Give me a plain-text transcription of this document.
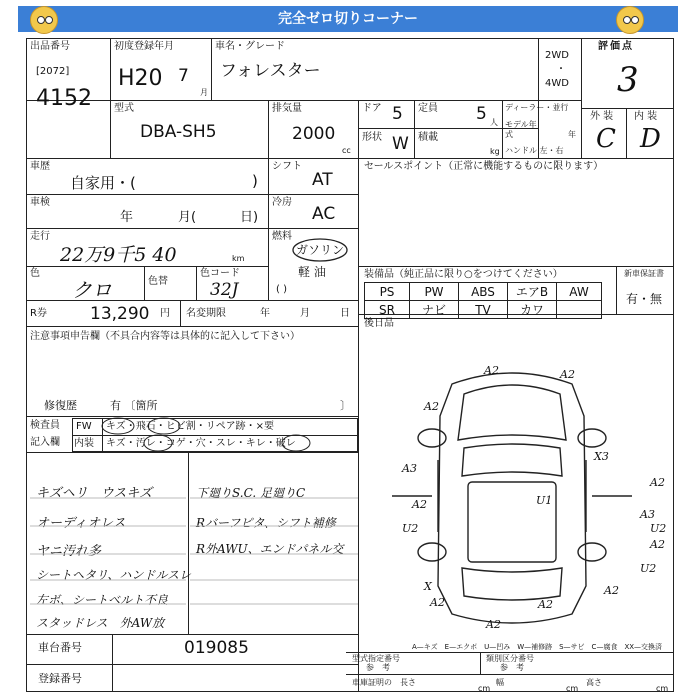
完全ゼロ切りコーナー
出品番号
[2072]
4152
初度登録年月
H20 7
月
車名・グレード
フォレスター
2WD
・
4WD
評価点
3
外 装 内 装
C D
型式
DBA-SH5
排気量
2000
cc
ドア 5 定員 5 人
形状 W 積載
kg
ディーラー・並行
モデル年式	年
ハンドル 左・右
車歴
自家用・(	)
シフト
AT
セールスポイント（正常に機能するものに限ります）
車検
年	月(	日)
冷房
AC
走行
22万9千5 40	km
燃料
ガソリン
軽 油
( )
色
クロ	色替
色コード
32J
R券	13,290 円 名変期限	年	月	日
装備品（純正品に限り○をつけてください）
PS	PW	ABS	エアB	AW
SR	ナビ	TV	カワ	
新車保証書
有・無
後日品
注意事項申告欄（不具合内容等は具体的に記入して下さい）
修復歴	有 〔箇所	〕
検査員
記入欄
FW キズ・飛石・ヒビ割・リペア跡・×要
内装 キズ・汚レ・コゲ・穴・スレ・キレ・破レ
キズヘリ　ウスキズ
オーディオレス
ヤニ汚れ多
シートヘタリ、ハンドルスレ
左ボ、シートベルト不良
スタッドレス　外AW放
下廻りS.C. 足廻りC
Rバーフピタ、シフト補修
R外AWU、エンドパネル交
車台番号	019085
登録番号
A2	A2
A2
A3
U2	U2
A2
X3
A2
X
A2
A2
A2
U1
A3
U2
A2
A2
A—キズ　E—エクボ　U—凹み　W—補修跡　S—サビ　C—腐食　XX—交換済
型式指定番号
参　考
類別区分番号
参　考
車庫証明の 長さ
cm
幅
cm
高さ
cm
